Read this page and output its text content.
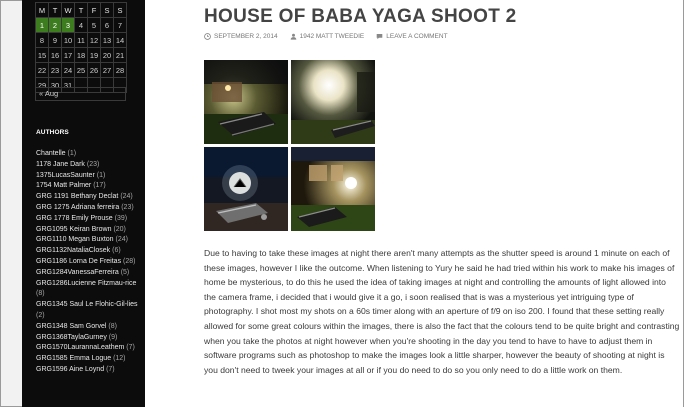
M	T	W	T	F	S	S
1	2	3	4	5	6	7
8	9	10	11	12	13	14
15	16	17	18	19	20	21
22	23	24	25	26	27	28
29	30	31				
« Aug
AUTHORS
Chantelle (1)
1178 Jane Dark (23)
1375LucasSaunter (1)
1754 Matt Palmer (17)
GRG 1191 Bethany Declat (24)
GRG 1275 Adriana ferreira (23)
GRG 1778 Emily Prouse (39)
GRG1095 Keiran Brown (20)
GRG1110 Megan Buxton (24)
GRG1132NataliaClosek (6)
GRG1186 Lorna De Freitas (28)
GRG1284VanessaFerreira (5)
GRG1286Lucienne Fitzmau-rice (8)
GRG1345 Saul Le Flohic-Gil-lies (2)
GRG1348 Sam Gorvel (8)
GRG1368TaylaGurney (9)
GRG1570LaurannaLeathem (7)
GRG1585 Emma Logue (12)
GRG1596 Aine Loynd (7)
HOUSE OF BABA YAGA SHOOT 2
SEPTEMBER 2, 2014	1942 MATT TWEEDIE	LEAVE A COMMENT

Due to having to take these images at night there aren't many attempts as the shutter speed is around 1 minute on each of these images, however I like the outcome. When listening to Yury he said he had tried within his work to make his images of home be mysterious, to do this he used the idea of taking images at night and controlling the amounts of light allowed into the camera frame, i decided that i would give it a go, i soon realised that is was a mysterious yet intriguing type of photography. I shot most my shots on a 60s timer along with an aperture of f/9 on iso 200. I found that these setting really allowed for some great colours within the images, there is also the fact that the colours tend to be quite bright and contrasting when you take the photos at night however when you're shooting in the day you tend to have to have to adjust them in software programs such as photoshop to make the images look a little sharper, however the beauty of shooting at night is you don't need to tweek your images at all or if you do need to do so you only need to do a little work on them.
